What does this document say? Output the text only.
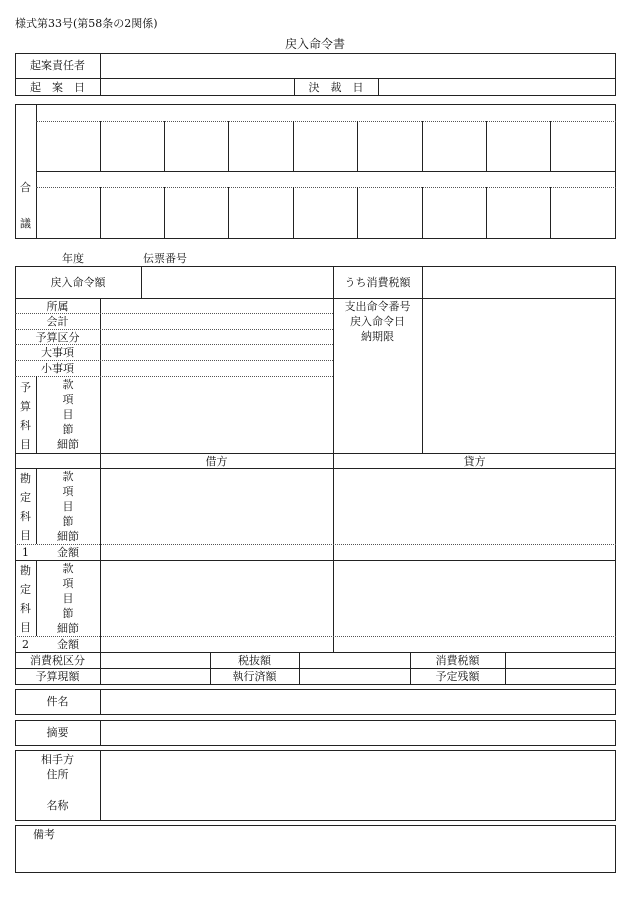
様式第33号(第58条の2関係)
戻入命令書
起案責任者
起　案　日	決　裁　日
合
議
年度	伝票番号
戻入命令額	うち消費税額
所属
会計
予算区分
大事項
小事項
予
算
科
目
款
項
目
節
細節
支出命令番号
戻入命令日
納期限
借方	貸方
勘
定
科
目
1
款
項
目
節
細節
金額
勘
定
科
目
2
款
項
目
節
細節
金額
消費税区分	税抜額	消費税額
予算現額	執行済額	予定残額
件名
摘要
相手方
住所
名称
備考
